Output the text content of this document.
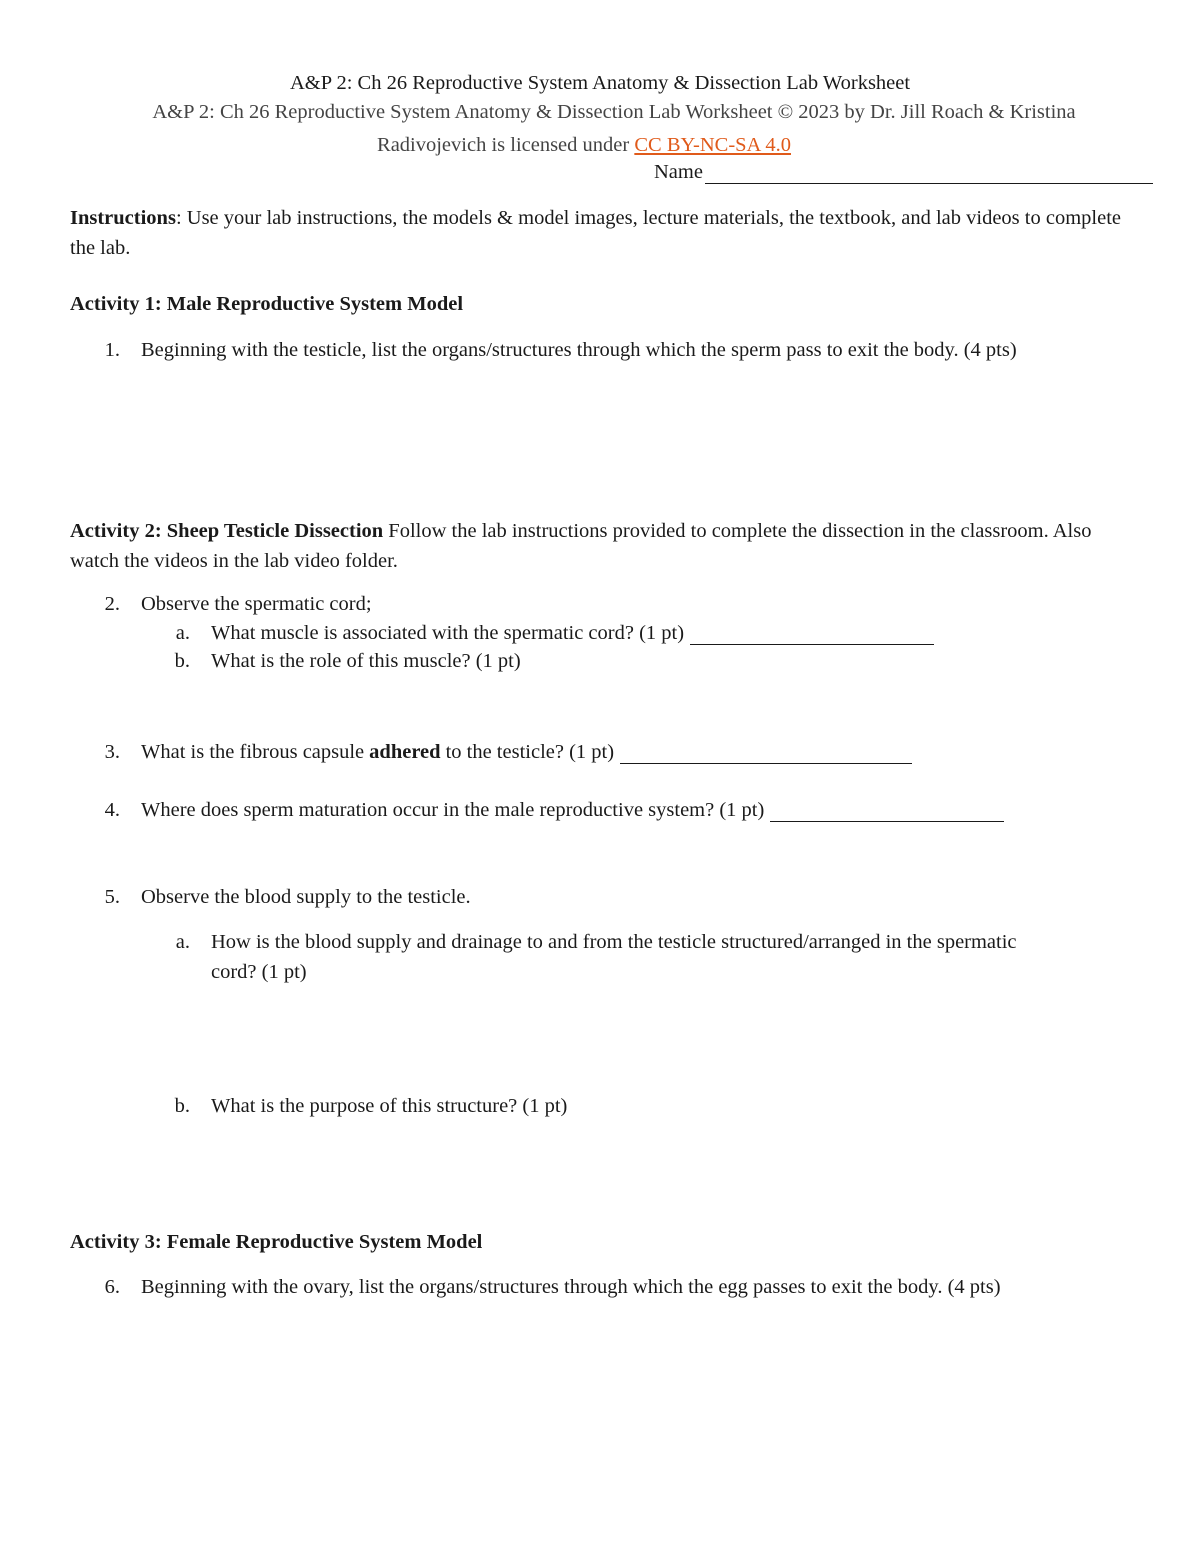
A&P 2: Ch 26 Reproductive System Anatomy & Dissection Lab Worksheet
A&P 2: Ch 26 Reproductive System Anatomy & Dissection Lab Worksheet © 2023 by Dr. Jill Roach & Kristina
Radivojevich is licensed under CC BY-NC-SA 4.0
Name
Instructions: Use your lab instructions, the models & model images, lecture materials, the textbook, and lab videos to complete the lab.
Activity 1: Male Reproductive System Model
1. Beginning with the testicle, list the organs/structures through which the sperm pass to exit the body. (4 pts)
Activity 2: Sheep Testicle Dissection Follow the lab instructions provided to complete the dissection in the classroom. Also watch the videos in the lab video folder.
2. Observe the spermatic cord;
a. What muscle is associated with the spermatic cord? (1 pt)
b. What is the role of this muscle? (1 pt)
3. What is the fibrous capsule adhered to the testicle? (1 pt)
4. Where does sperm maturation occur in the male reproductive system? (1 pt)
5. Observe the blood supply to the testicle.
a. How is the blood supply and drainage to and from the testicle structured/arranged in the spermatic
cord? (1 pt)
b. What is the purpose of this structure? (1 pt)
Activity 3: Female Reproductive System Model
6. Beginning with the ovary, list the organs/structures through which the egg passes to exit the body. (4 pts)
